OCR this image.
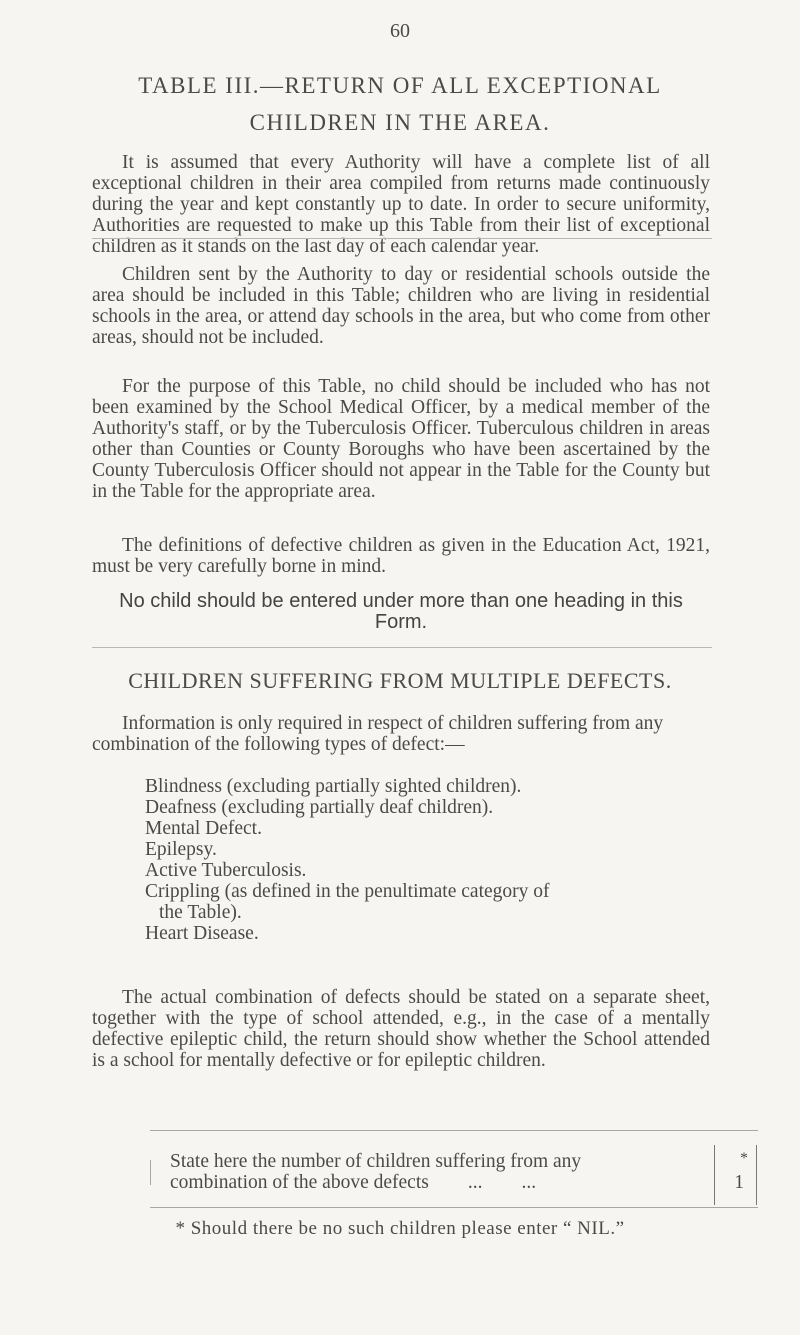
60
TABLE III.—RETURN OF ALL EXCEPTIONAL
CHILDREN IN THE AREA.

It is assumed that every Authority will have a complete list of all exceptional children in their area compiled from returns made continuously during the year and kept constantly up to date. In order to secure uniformity, Authorities are requested to make up this Table from their list of exceptional children as it stands on the last day of each calendar year.

Children sent by the Authority to day or residential schools outside the area should be included in this Table; children who are living in residential schools in the area, or attend day schools in the area, but who come from other areas, should not be included.

For the purpose of this Table, no child should be included who has not been examined by the School Medical Officer, by a medical member of the Authority's staff, or by the Tuberculosis Officer. Tuberculous children in areas other than Counties or County Boroughs who have been ascertained by the County Tuberculosis Officer should not appear in the Table for the County but in the Table for the appropriate area.

The definitions of defective children as given in the Education Act, 1921, must be very carefully borne in mind.

No child should be entered under more than one heading in this Form.
CHILDREN SUFFERING FROM MULTIPLE DEFECTS.

Information is only required in respect of children suffering from any combination of the following types of defect:—

Blindness (excluding partially sighted children).
Deafness (excluding partially deaf children).
Mental Defect.
Epilepsy.
Active Tuberculosis.
Crippling (as defined in the penultimate category of
the Table).
Heart Disease.

The actual combination of defects should be stated on a separate sheet, together with the type of school attended, e.g., in the case of a mentally defective epileptic child, the return should show whether the School attended is a school for mentally defective or for epileptic children.

State here the number of children suffering from any
combination of the above defects        ...        ...
*
1
* Should there be no such children please enter “ NIL.”
